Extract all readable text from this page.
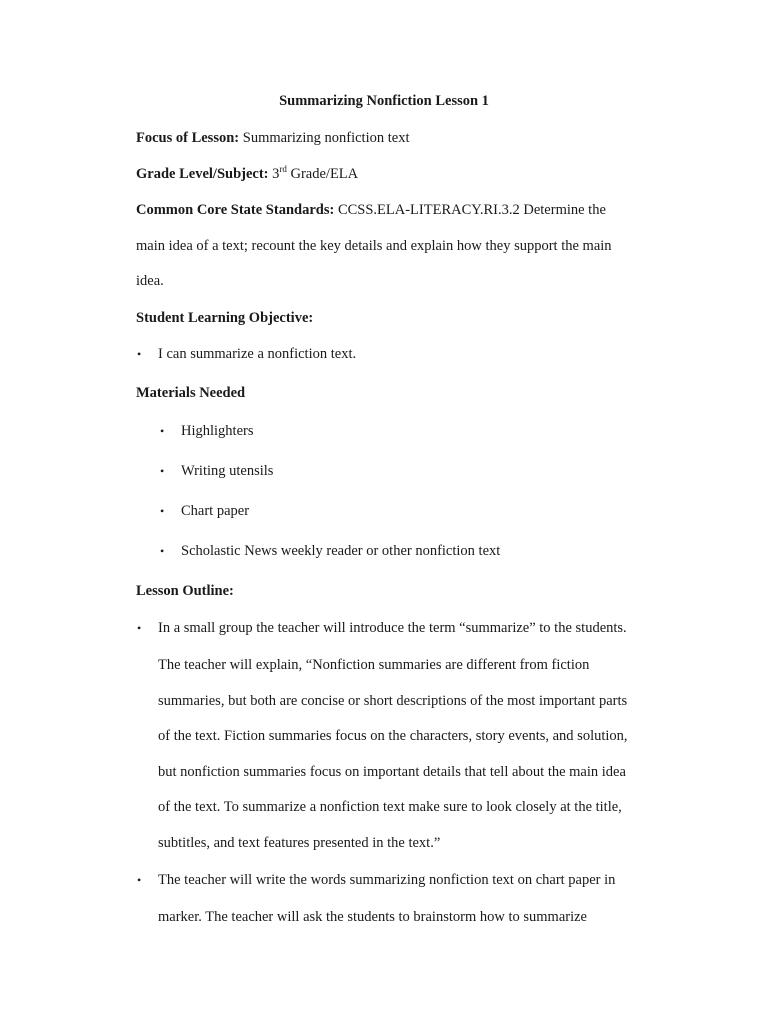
Summarizing Nonfiction Lesson 1
Focus of Lesson: Summarizing nonfiction text
Grade Level/Subject: 3rd Grade/ELA
Common Core State Standards: CCSS.ELA-LITERACY.RI.3.2 Determine the
main idea of a text; recount the key details and explain how they support the main
idea.
Student Learning Objective:
•
I can summarize a nonfiction text.
Materials Needed
•
Highlighters
•
Writing utensils
•
Chart paper
•
Scholastic News weekly reader or other nonfiction text
Lesson Outline:
•
In a small group the teacher will introduce the term “summarize” to the students.
The teacher will explain, “Nonfiction summaries are different from fiction
summaries, but both are concise or short descriptions of the most important parts
of the text. Fiction summaries focus on the characters, story events, and solution,
but nonfiction summaries focus on important details that tell about the main idea
of the text. To summarize a nonfiction text make sure to look closely at the title,
subtitles, and text features presented in the text.”
•
The teacher will write the words summarizing nonfiction text on chart paper in
marker. The teacher will ask the students to brainstorm how to summarize
